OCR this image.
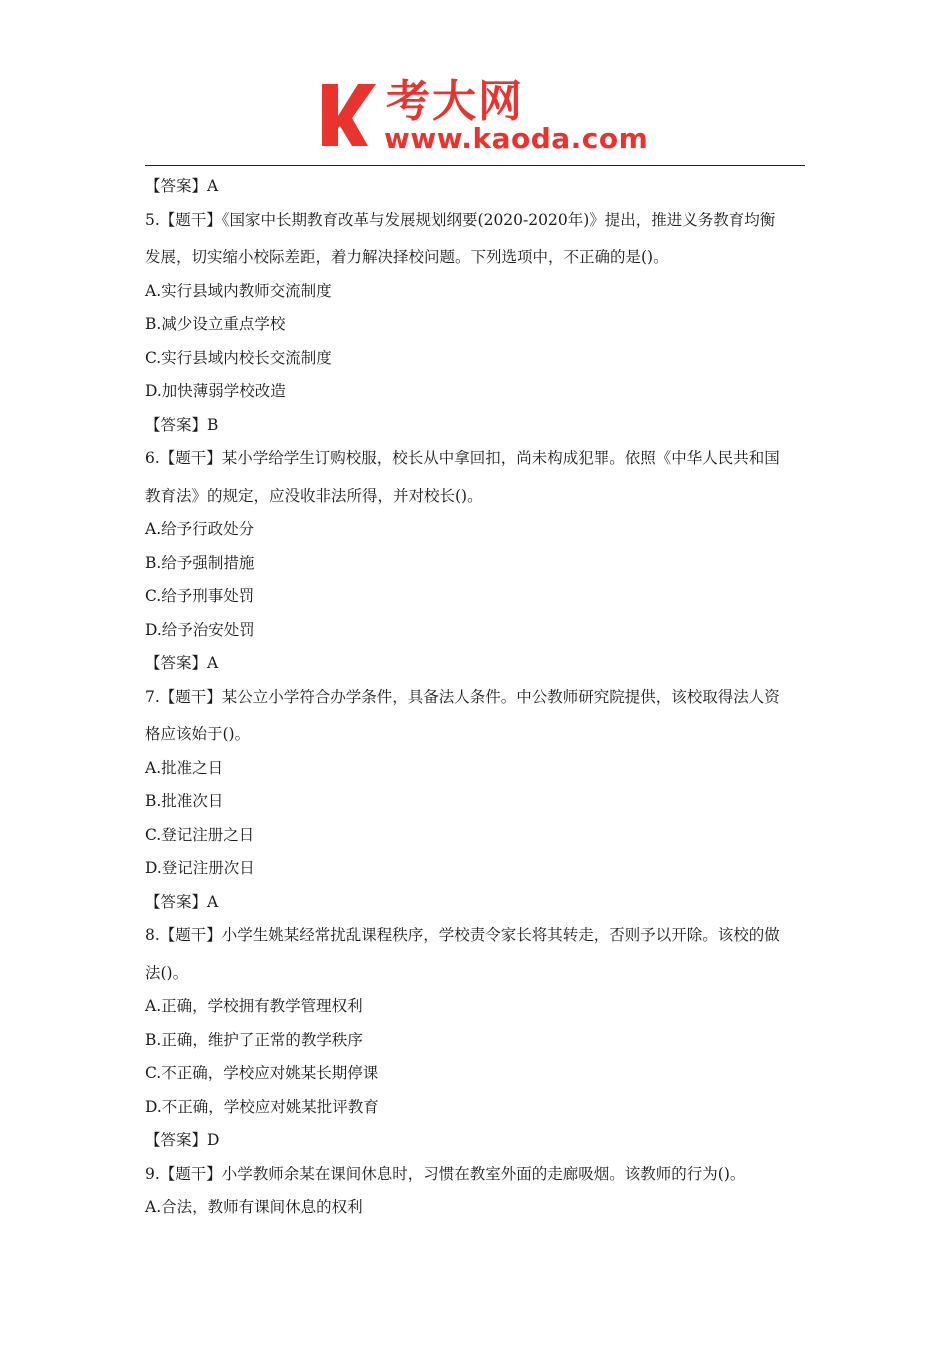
考大网
www.kaoda.com
【答案】A
5.【题干】《国家中长期教育改革与发展规划纲要(2020-2020年)》提出，推进义务教育均衡
发展，切实缩小校际差距，着力解决择校问题。下列选项中，不正确的是()。
A.实行县域内教师交流制度
B.减少设立重点学校
C.实行县域内校长交流制度
D.加快薄弱学校改造
【答案】B
6.【题干】某小学给学生订购校服，校长从中拿回扣，尚未构成犯罪。依照《中华人民共和国
教育法》的规定，应没收非法所得，并对校长()。
A.给予行政处分
B.给予强制措施
C.给予刑事处罚
D.给予治安处罚
【答案】A
7.【题干】某公立小学符合办学条件，具备法人条件。中公教师研究院提供，该校取得法人资
格应该始于()。
A.批准之日
B.批准次日
C.登记注册之日
D.登记注册次日
【答案】A
8.【题干】小学生姚某经常扰乱课程秩序，学校责令家长将其转走，否则予以开除。该校的做
法()。
A.正确，学校拥有教学管理权利
B.正确，维护了正常的教学秩序
C.不正确，学校应对姚某长期停课
D.不正确，学校应对姚某批评教育
【答案】D
9.【题干】小学教师余某在课间休息时，习惯在教室外面的走廊吸烟。该教师的行为()。
A.合法，教师有课间休息的权利
